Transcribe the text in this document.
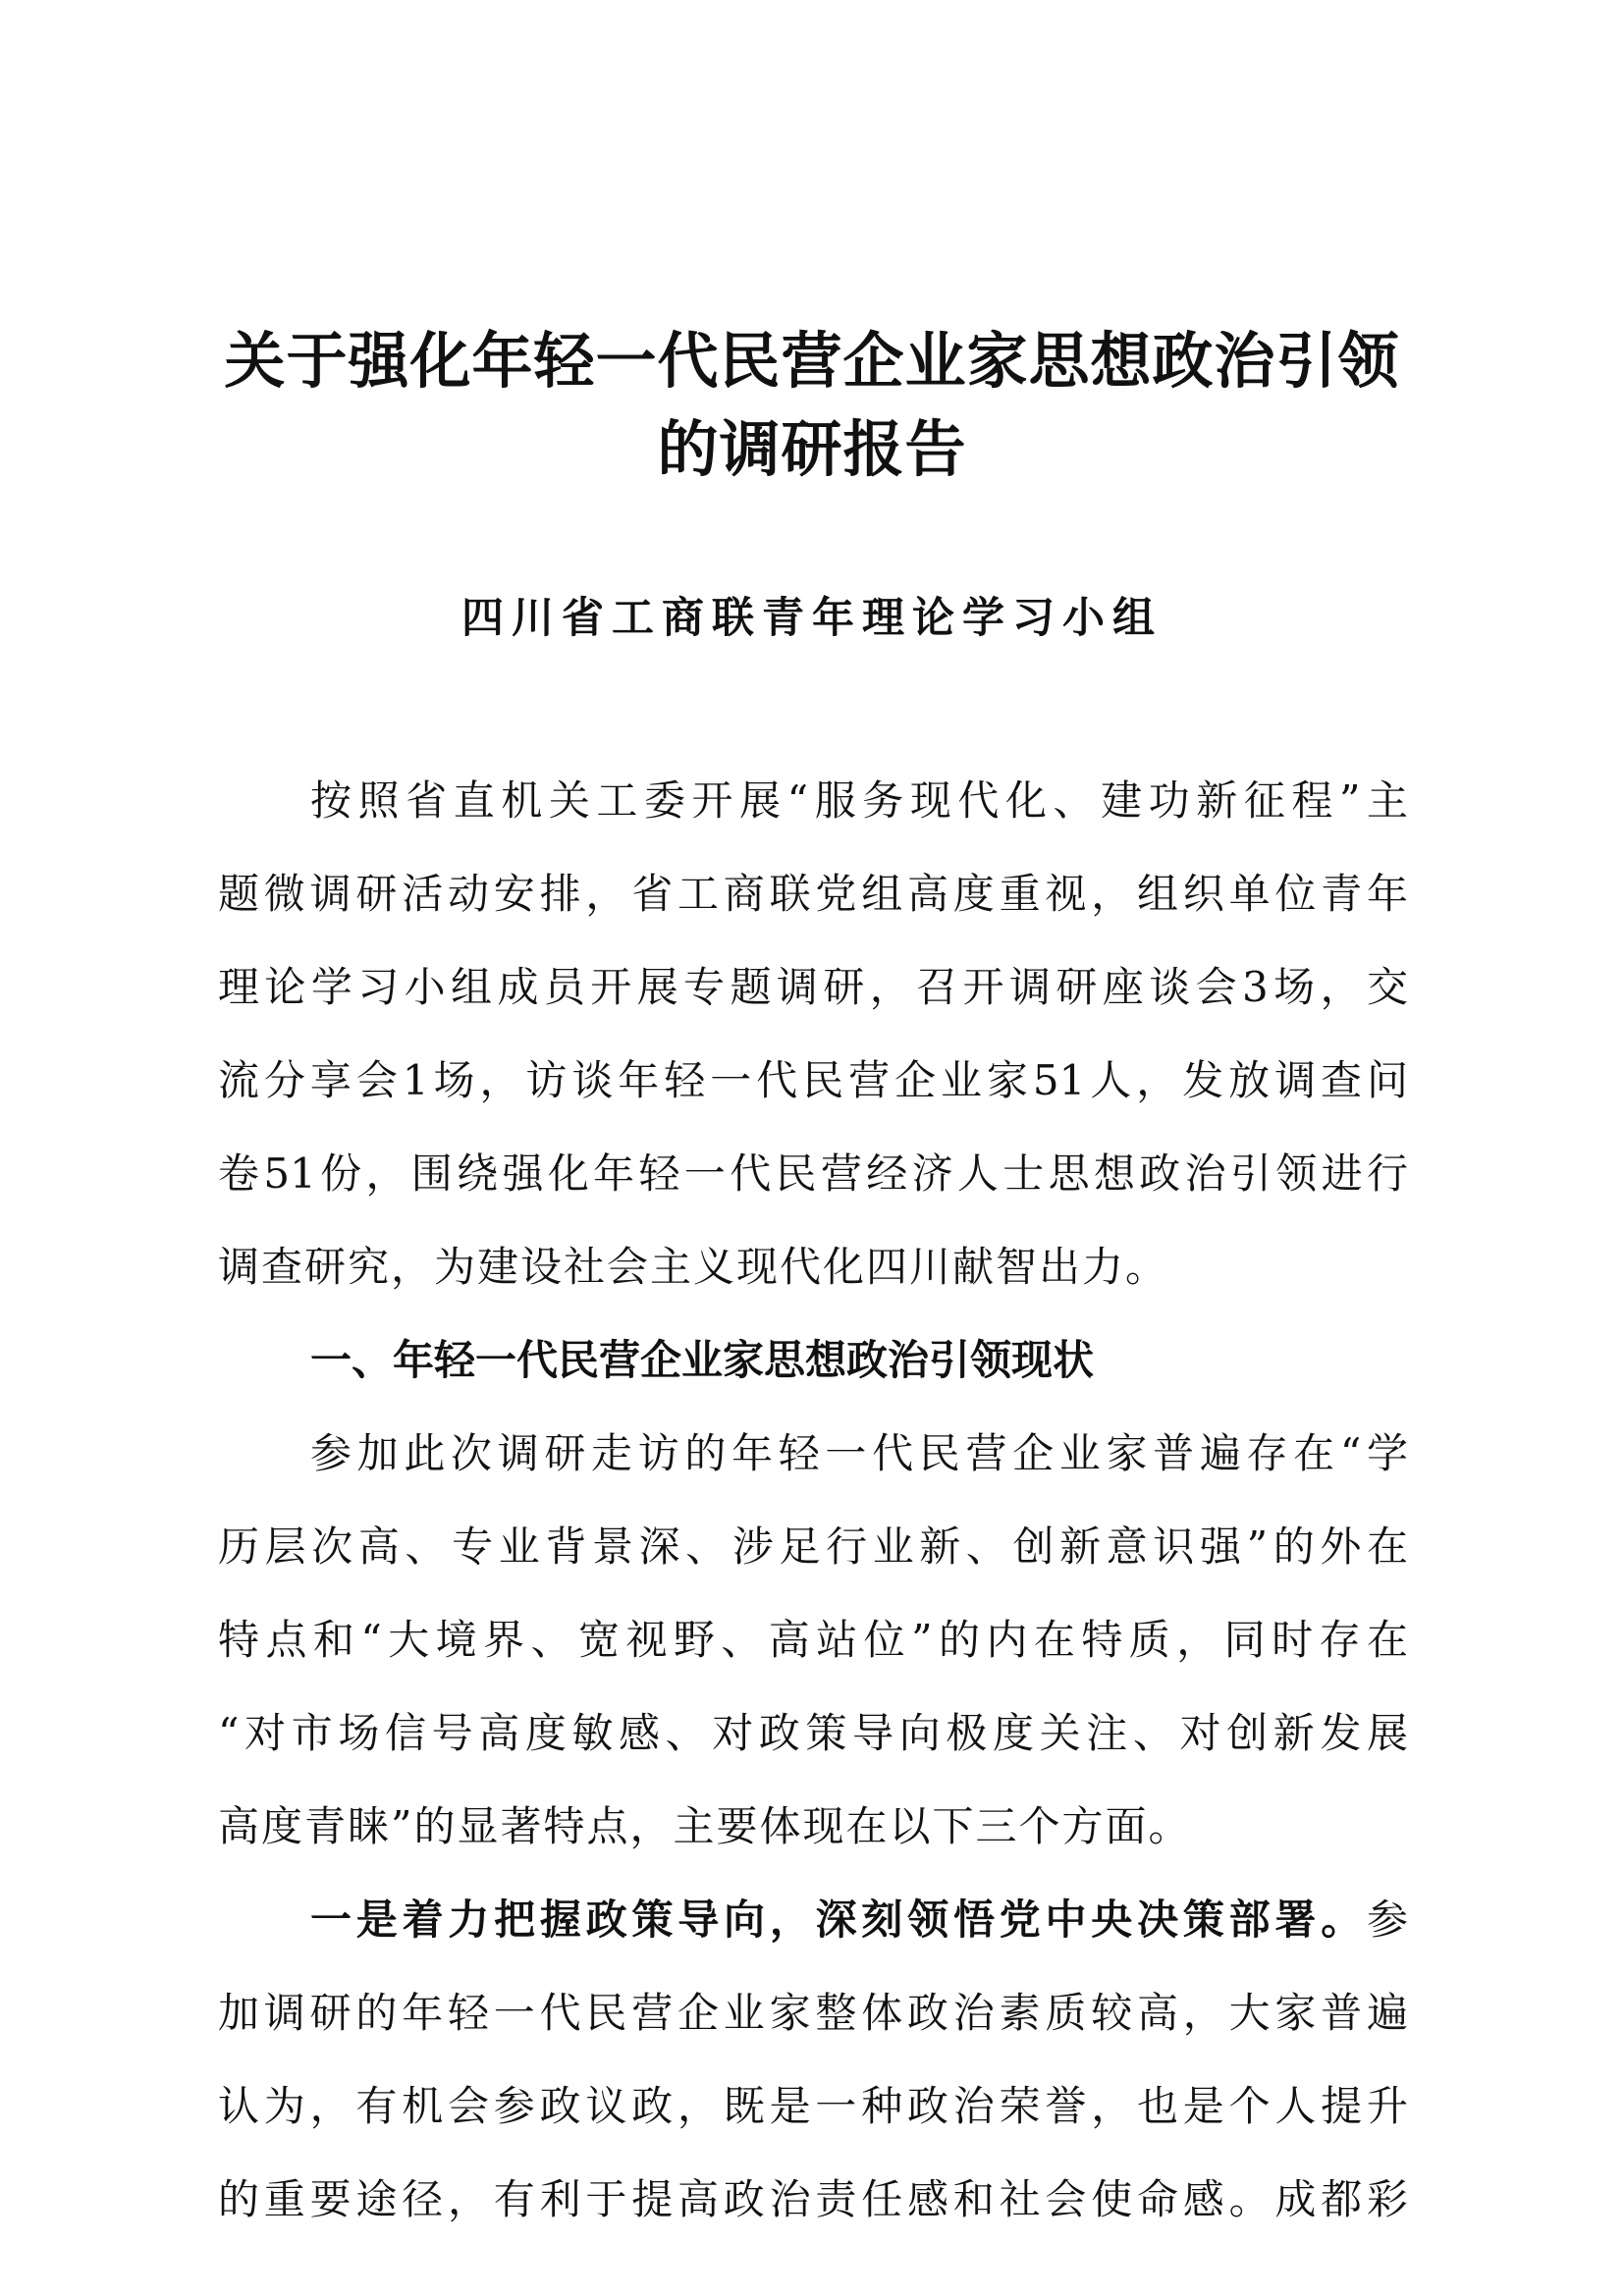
关于强化年轻一代民营企业家思想政治引领
的调研报告
四川省工商联青年理论学习小组
按照省直机关工委开展“服务现代化、建功新征程”主
题微调研活动安排，省工商联党组高度重视，组织单位青年
理论学习小组成员开展专题调研，召开调研座谈会3场，交
流分享会1场，访谈年轻一代民营企业家51人，发放调查问
卷51份，围绕强化年轻一代民营经济人士思想政治引领进行
调查研究，为建设社会主义现代化四川献智出力。
一、年轻一代民营企业家思想政治引领现状
参加此次调研走访的年轻一代民营企业家普遍存在“学
历层次高、专业背景深、涉足行业新、创新意识强”的外在
特点和“大境界、宽视野、高站位”的内在特质，同时存在
“对市场信号高度敏感、对政策导向极度关注、对创新发展
高度青睐”的显著特点，主要体现在以下三个方面。
一是着力把握政策导向，深刻领悟党中央决策部署。参
加调研的年轻一代民营企业家整体政治素质较高，大家普遍
认为，有机会参政议政，既是一种政治荣誉，也是个人提升
的重要途径，有利于提高政治责任感和社会使命感。成都彩
